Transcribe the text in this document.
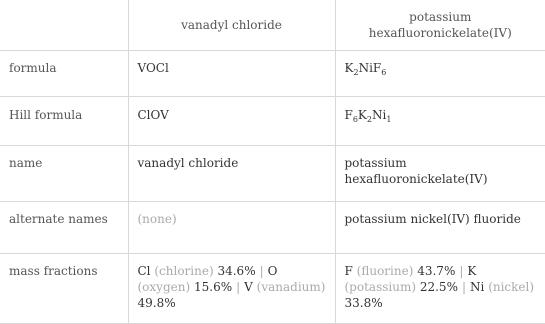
	vanadyl chloride	potassium
hexafluoronickelate(IV)

formula	VOCl	$K_2NiF_6$
Hill formula	ClOV	$F_6K_2Ni_1$
name	vanadyl chloride	potassium hexafluoronickelate(IV)
alternate names	(none)	potassium nickel(IV) fluoride
mass fractions	Cl (chlorine) 34.6% | O (oxygen) 15.6% | V (vanadium) 49.8%	F (fluorine) 43.7% | K (potassium) 22.5% | Ni (nickel) 33.8%
